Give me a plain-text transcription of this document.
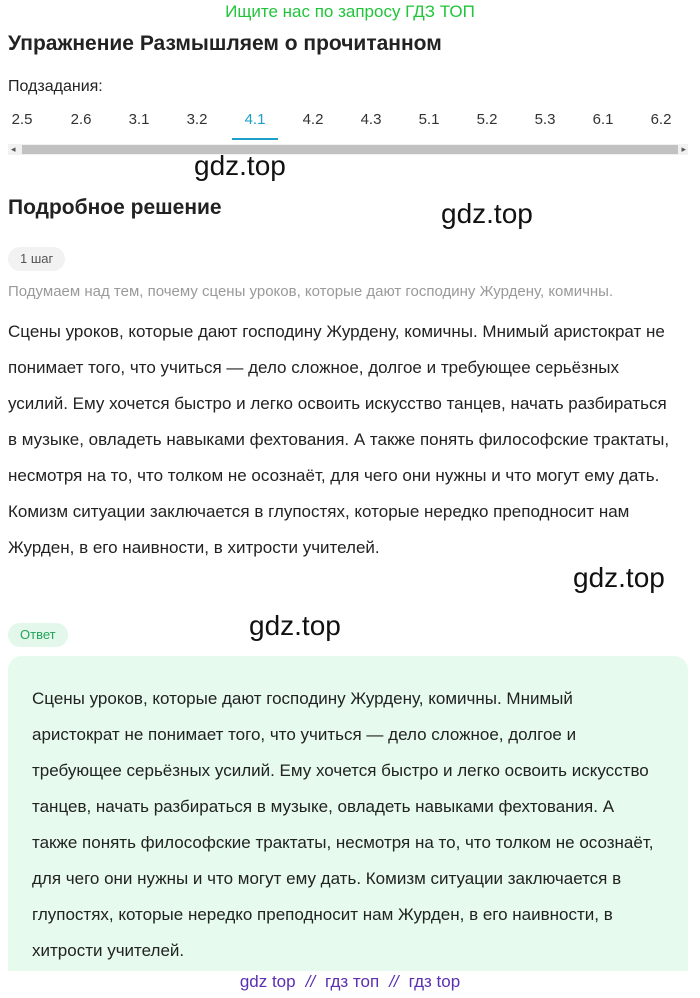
Ищите нас по запросу ГДЗ ТОП
Упражнение Размышляем о прочитанном
Подзадания:
2.5	2.6	3.1	3.2	4.1	4.2	4.3	5.1	5.2	5.3	6.1	6.2
◂	▸
gdz.top
gdz.top
Подробное решение
1 шаг
Подумаем над тем, почему сцены уроков, которые дают господину Журдену, комичны.

Сцены уроков, которые дают господину Журдену, комичны. Мнимый аристократ не понимает того, что учиться — дело сложное, долгое и требующее серьёзных усилий. Ему хочется быстро и легко освоить искусство танцев, начать разбираться в музыке, овладеть навыками фехтования. А также понять философские трактаты, несмотря на то, что толком не осознаёт, для чего они нужны и что могут ему дать. Комизм ситуации заключается в глупостях, которые нередко преподносит нам Журден, в его наивности, в хитрости учителей.

gdz.top
gdz.top
Ответ

Сцены уроков, которые дают господину Журдену, комичны. Мнимый аристократ не понимает того, что учиться — дело сложное, долгое и требующее серьёзных усилий. Ему хочется быстро и легко освоить искусство танцев, начать разбираться в музыке, овладеть навыками фехтования. А также понять философские трактаты, несмотря на то, что толком не осознаёт, для чего они нужны и что могут ему дать. Комизм ситуации заключается в глупостях, которые нередко преподносит нам Журден, в его наивности, в хитрости учителей.

gdz top // гдз топ // гдз top
